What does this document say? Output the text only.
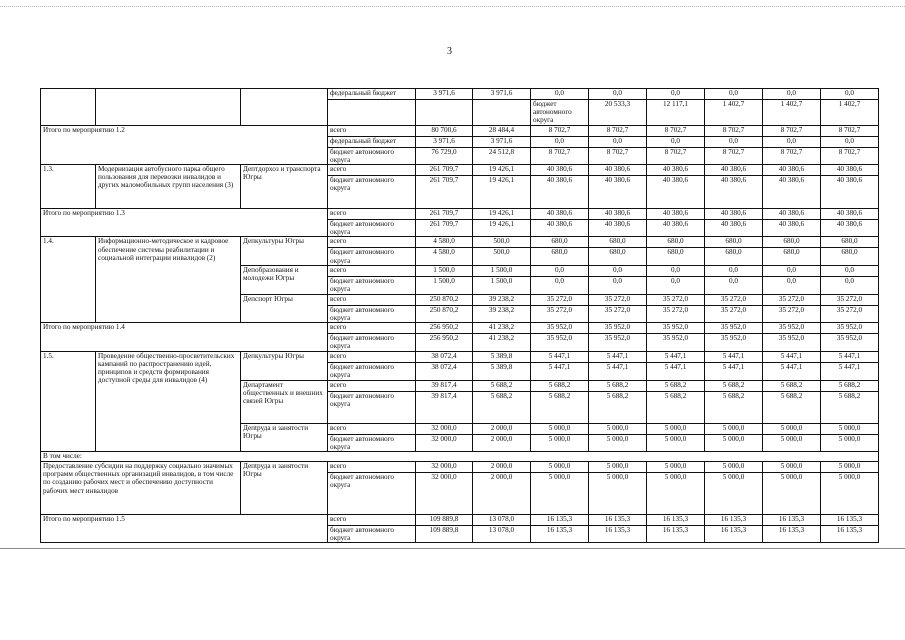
3
			федеральный бюджет	3 971,6	3 971,6	0,0	0,0	0,0	0,0	0,0	0,0	
						бюджет автономного округа	20 533,3	12 117,1	1 402,7	1 402,7	1 402,7			
Итого по мероприятию 1.2			всего	80 700,6	28 484,4	8 702,7	8 702,7	8 702,7	8 702,7	8 702,7	8 702,7	
			федеральный бюджет	3 971,6	3 971,6	0,0	0,0	0,0	0,0	0,0	0,0	
			бюджет автономного округа	76 729,0	24 512,8	8 702,7	8 702,7	8 702,7	8 702,7	8 702,7	8 702,7	
1.3.	Модернизация автобусного парка общего пользования для перевозки инвалидов и других маломобильных групп населения (3)	Дептдорхоз и транспорта Югры	всего	261 709,7	19 426,1	40 380,6	40 380,6	40 380,6	40 380,6	40 380,6	40 380,6	
			бюджет автономного округа	261 709,7	19 426,1	40 380,6	40 380,6	40 380,6	40 380,6	40 380,6	40 380,6	
Итого по мероприятию 1.3			всего	261 709,7	19 426,1	40 380,6	40 380,6	40 380,6	40 380,6	40 380,6	40 380,6	
			бюджет автономного округа	261 709,7	19 426,1	40 380,6	40 380,6	40 380,6	40 380,6	40 380,6	40 380,6	
1.4.	Информационно-методическое и кадровое обеспечение системы реабилитации и социальной интеграции инвалидов (2)	Депкультуры Югры	всего	4 580,0	500,0	680,0	680,0	680,0	680,0	680,0	680,0	
			бюджет автономного округа	4 580,0	500,0	680,0	680,0	680,0	680,0	680,0	680,0	
		Депобразования и молодежи Югры	всего	1 500,0	1 500,0	0,0	0,0	0,0	0,0	0,0	0,0	
			бюджет автономного округа	1 500,0	1 500,0	0,0	0,0	0,0	0,0	0,0	0,0	
		Депспорт Югры	всего	250 870,2	39 238,2	35 272,0	35 272,0	35 272,0	35 272,0	35 272,0	35 272,0	
			бюджет автономного округа	250 870,2	39 238,2	35 272,0	35 272,0	35 272,0	35 272,0	35 272,0	35 272,0	
Итого по мероприятию 1.4			всего	256 950,2	41 238,2	35 952,0	35 952,0	35 952,0	35 952,0	35 952,0	35 952,0	
			бюджет автономного округа	256 950,2	41 238,2	35 952,0	35 952,0	35 952,0	35 952,0	35 952,0	35 952,0	
1.5.	Проведение общественно-просветительских кампаний по распространению идей, принципов и средств формирования доступной среды для инвалидов (4)	Депкультуры Югры	всего	38 072,4	5 389,8	5 447,1	5 447,1	5 447,1	5 447,1	5 447,1	5 447,1	
			бюджет автономного округа	38 072,4	5 389,8	5 447,1	5 447,1	5 447,1	5 447,1	5 447,1	5 447,1	
		Департамент общественных и внешних связей Югры	всего	39 817,4	5 688,2	5 688,2	5 688,2	5 688,2	5 688,2	5 688,2	5 688,2	
			бюджет автономного округа	39 817,4	5 688,2	5 688,2	5 688,2	5 688,2	5 688,2	5 688,2	5 688,2	
		Депtруда и занятости Югры	всего	32 000,0	2 000,0	5 000,0	5 000,0	5 000,0	5 000,0	5 000,0	5 000,0	
			бюджет автономного округа	32 000,0	2 000,0	5 000,0	5 000,0	5 000,0	5 000,0	5 000,0	5 000,0	
В том числе:												
Предоставление субсидии на поддержку социально значимых программ общественных организаций инвалидов, в том числе по созданию рабочих мест и обеспечению доступности рабочих мест инвалидов		Депtруда и занятости Югры	всего	32 000,0	2 000,0	5 000,0	5 000,0	5 000,0	5 000,0	5 000,0	5 000,0	
			бюджет автономного округа	32 000,0	2 000,0	5 000,0	5 000,0	5 000,0	5 000,0	5 000,0	5 000,0	
Итого по мероприятию 1.5			всего	109 889,8	13 078,0	16 135,3	16 135,3	16 135,3	16 135,3	16 135,3	16 135,3	
			бюджет автономного округа	109 889,8	13 078,0	16 135,3	16 135,3	16 135,3	16 135,3	16 135,3	16 135,3	
